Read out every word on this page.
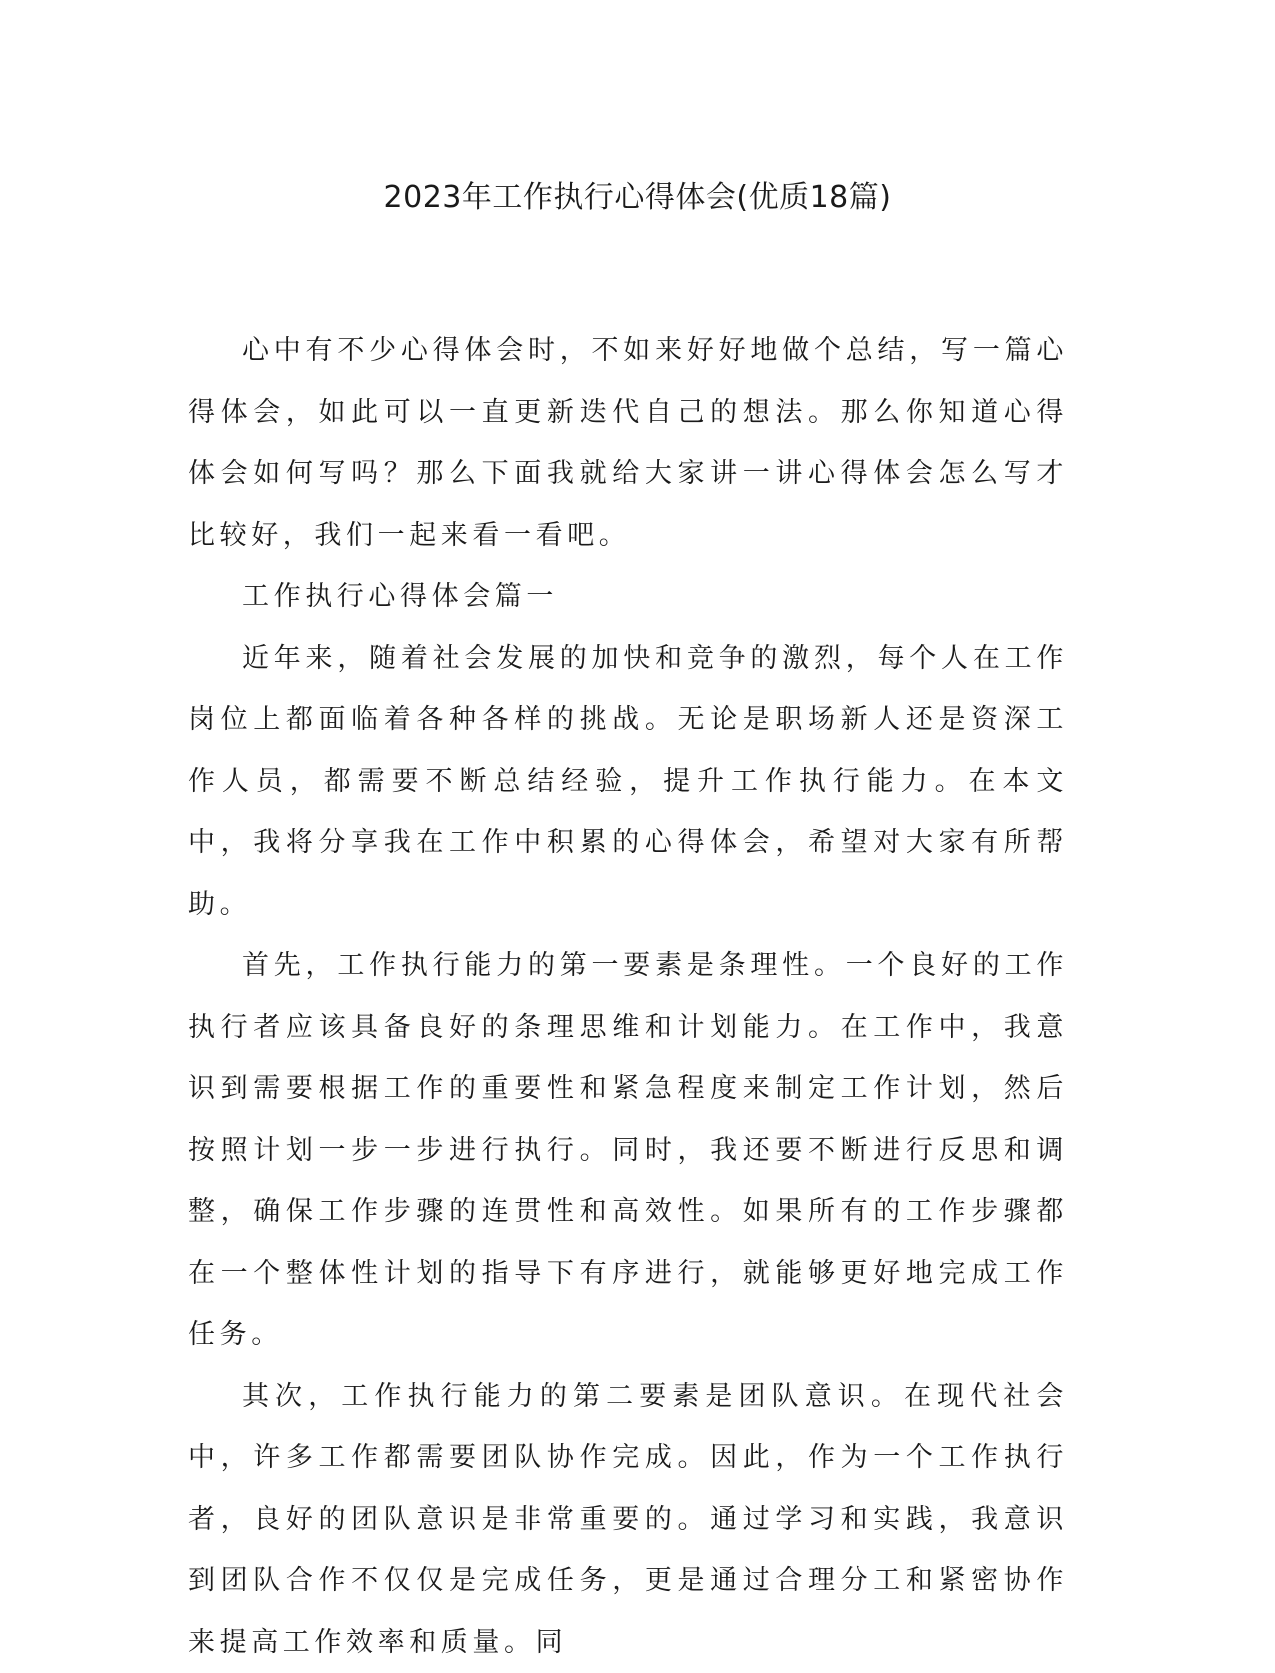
2023年工作执行心得体会(优质18篇)

心中有不少心得体会时，不如来好好地做个总结，写一篇心得体会，如此可以一直更新迭代自己的想法。那么你知道心得体会如何写吗？那么下面我就给大家讲一讲心得体会怎么写才比较好，我们一起来看一看吧。

工作执行心得体会篇一

近年来，随着社会发展的加快和竞争的激烈，每个人在工作岗位上都面临着各种各样的挑战。无论是职场新人还是资深工作人员，都需要不断总结经验，提升工作执行能力。在本文中，我将分享我在工作中积累的心得体会，希望对大家有所帮助。

首先，工作执行能力的第一要素是条理性。一个良好的工作执行者应该具备良好的条理思维和计划能力。在工作中，我意识到需要根据工作的重要性和紧急程度来制定工作计划，然后按照计划一步一步进行执行。同时，我还要不断进行反思和调整，确保工作步骤的连贯性和高效性。如果所有的工作步骤都在一个整体性计划的指导下有序进行，就能够更好地完成工作任务。

其次，工作执行能力的第二要素是团队意识。在现代社会中，许多工作都需要团队协作完成。因此，作为一个工作执行者，良好的团队意识是非常重要的。通过学习和实践，我意识到团队合作不仅仅是完成任务，更是通过合理分工和紧密协作来提高工作效率和质量。同
